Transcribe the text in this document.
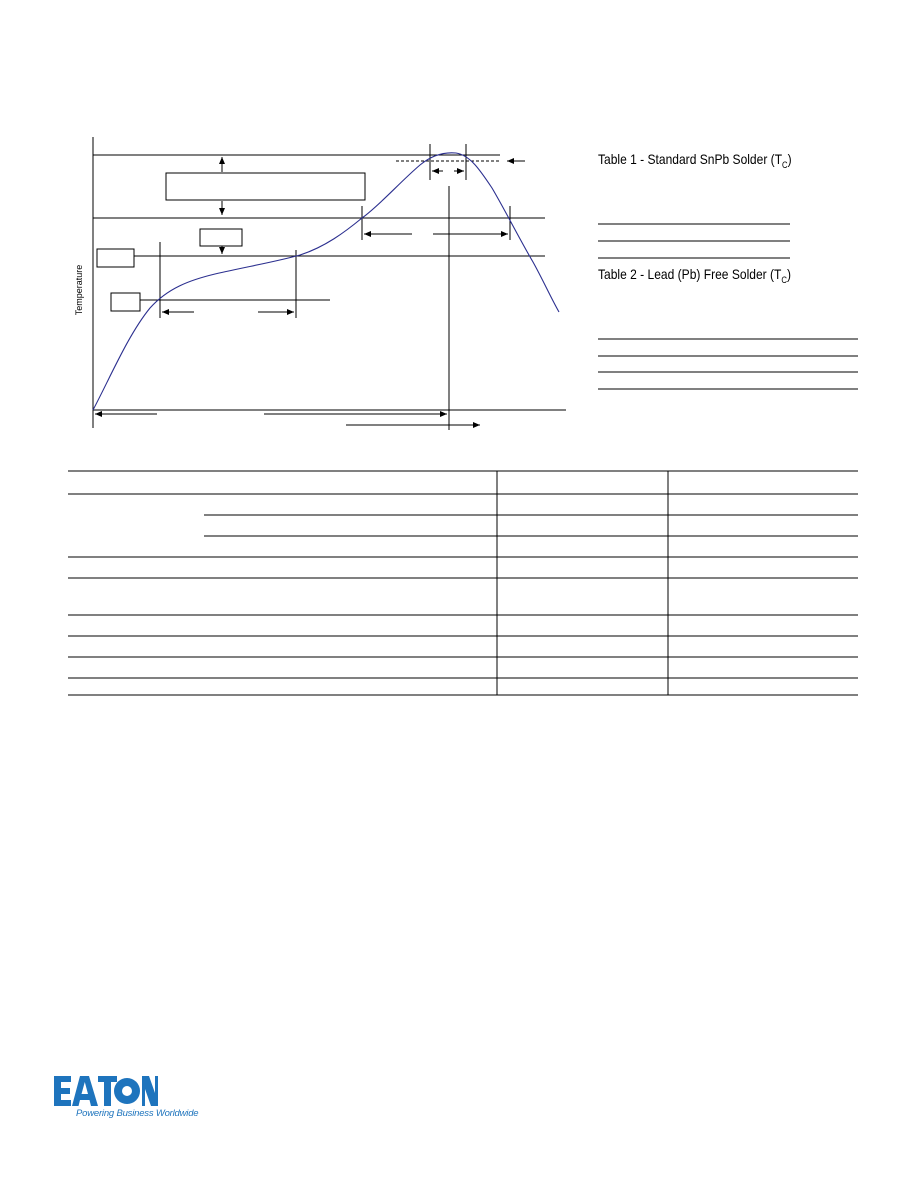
Temperature
Table 1 - Standard SnPb Solder $(T_C)$
Table 2 - Lead (Pb) Free Solder $(T_C)$
Powering Business Worldwide
